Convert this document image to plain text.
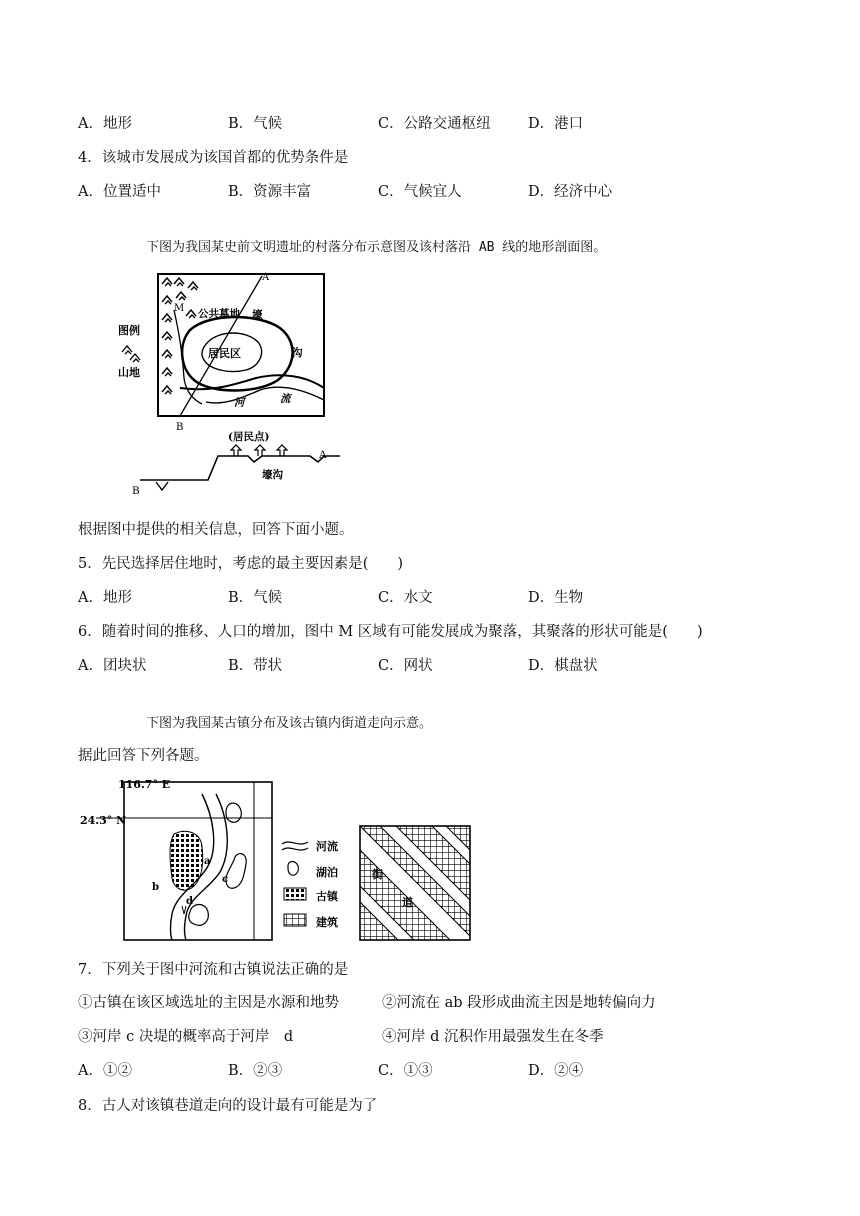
A．地形	B．气候	C．公路交通枢纽	D．港口
4．该城市发展成为该国首都的优势条件是
A．位置适中	B．资源丰富	C．气候宜人	D．经济中心
下图为我国某史前文明遗址的村落分布示意图及该村落沿 AB 线的地形剖面图。
A
B
M
居民区
公共墓地 壕
沟
河	流
图例
山地
(居民点)
A
B
壕沟
根据图中提供的相关信息，回答下面小题。
5．先民选择居住地时，考虑的最主要因素是(　　)
A．地形	B．气候	C．水文	D．生物
6．随着时间的推移、人口的增加，图中 M 区域有可能发展成为聚落，其聚落的形状可能是(　　)
A．团块状	B．带状	C．网状	D．棋盘状
下图为我国某古镇分布及该古镇内街道走向示意。
据此回答下列各题。
116.7° E
24.3° N
a
b
c
d
河流
湖泊
古镇
建筑
街
道
7．下列关于图中河流和古镇说法正确的是
①古镇在该区域选址的主因是水源和地势	②河流在 ab 段形成曲流主因是地转偏向力
③河岸 c 决堤的概率高于河岸　d	④河岸 d 沉积作用最强发生在冬季
A．①②	B．②③	C．①③	D．②④
8．古人对该镇巷道走向的设计最有可能是为了
